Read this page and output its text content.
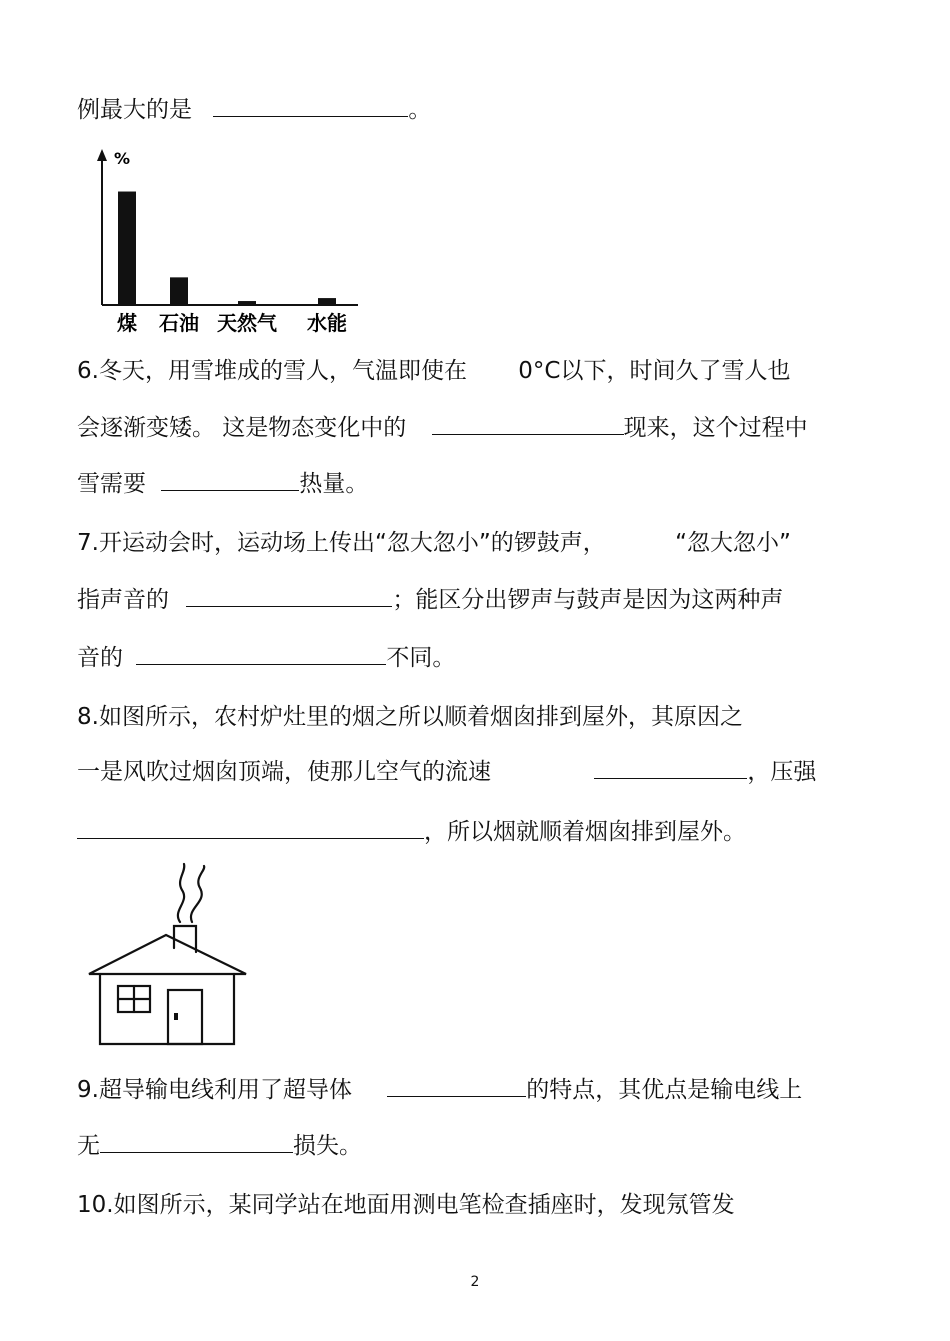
例最大的是	。
%
煤 石油 天然气 水能
6.冬天，用雪堆成的雪人，气温即使在 0°C以下，时间久了雪人也
会逐渐变矮。 这是物态变化中的	现来，这个过程中
雪需要	热量。
7.开运动会时，运动场上传出“忽大忽小”的锣鼓声，	“忽大忽小”
指声音的	；能区分出锣声与鼓声是因为这两种声
音的	不同。
8.如图所示，农村炉灶里的烟之所以顺着烟囱排到屋外，其原因之
一是风吹过烟囱顶端，使那儿空气的流速	，压强
，所以烟就顺着烟囱排到屋外。
9.超导输电线利用了超导体	的特点，其优点是输电线上
无	损失。
10.如图所示，某同学站在地面用测电笔检查插座时，发现氖管发
2
